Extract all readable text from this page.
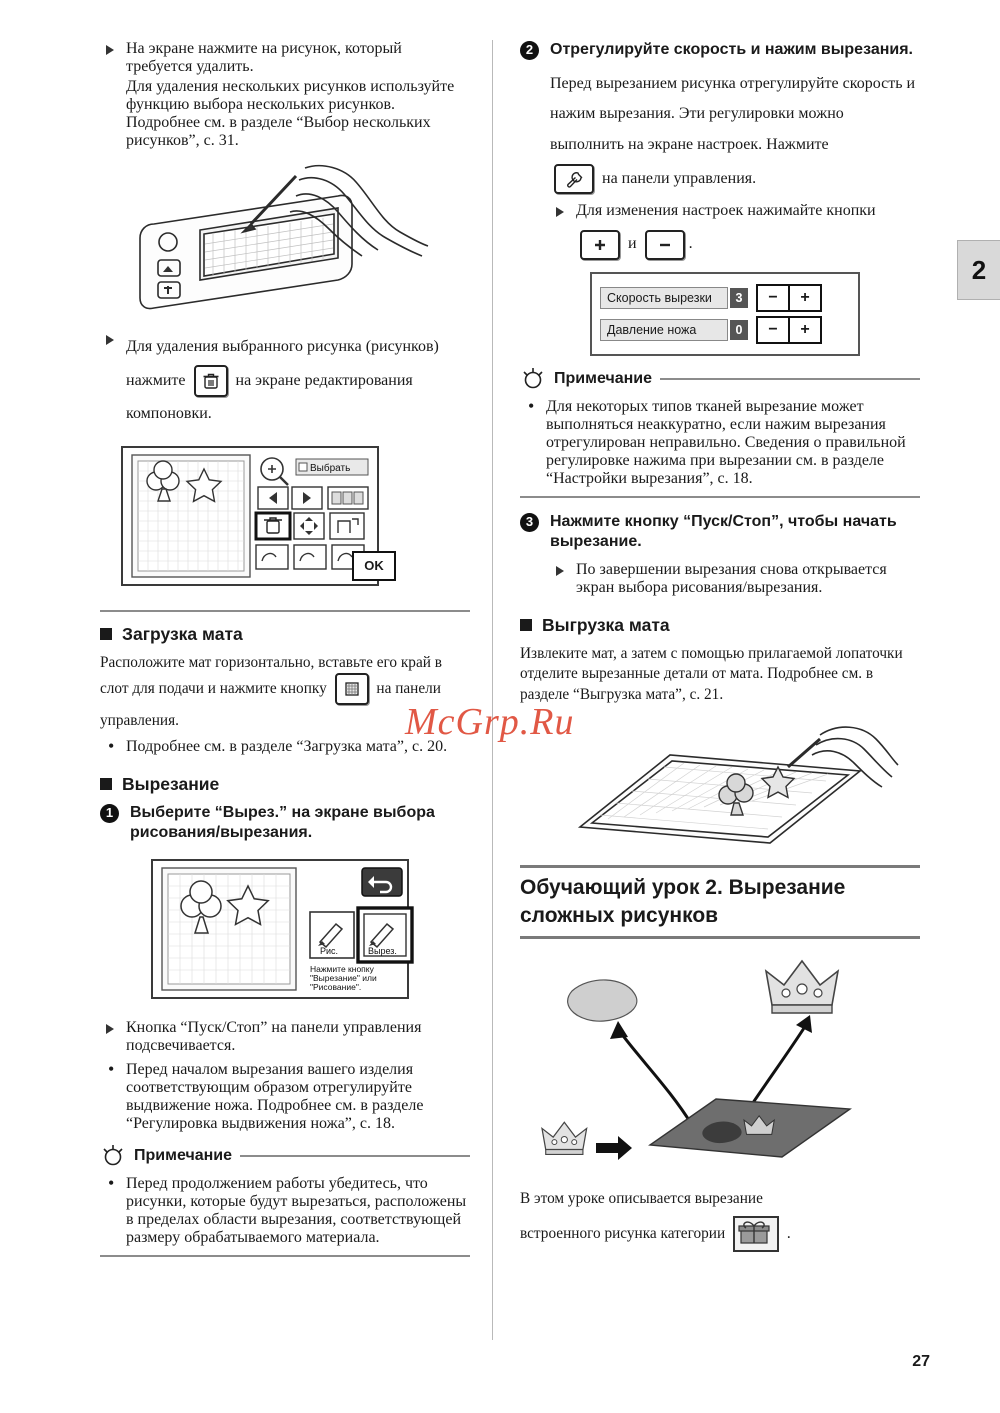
2
На экране нажмите на рисунок, который требуется удалить.
Для удаления нескольких рисунков используйте функцию выбора нескольких рисунков. Подробнее см. в разделе “Выбор нескольких рисунков”, с. 31.
Для удаления выбранного рисунка (рисунков) нажмите	на экране редактирования компоновки.
Выбрать
OK
Загрузка мата
Расположите мат горизонтально, вставьте его край в
слот для подачи и нажмите кнопку	на панели управления.
• Подробнее см. в разделе “Загрузка мата”, с. 20.
Вырезание
1	Выберите “Вырез.” на экране выбора рисования/вырезания.
Рис.	Вырез.
Нажмите кнопку
"Вырезание" или
"Рисование".
Кнопка “Пуск/Стоп” на панели управления подсвечивается.
• Перед началом вырезания вашего изделия соответствующим образом отрегулируйте выдвижение ножа. Подробнее см. в разделе “Регулировка выдвижения ножа”, с. 18.
Примечание
• Перед продолжением работы убедитесь, что рисунки, которые будут вырезаться, расположены в пределах области вырезания, соответствующей размеру обрабатываемого материала.
2	Отрегулируйте скорость и нажим вырезания.
Перед вырезанием рисунка отрегулируйте скорость и нажим вырезания. Эти регулировки можно выполнить на экране настроек. Нажмите
на панели управления.
Для изменения настроек нажимайте кнопки
и	.
Скорость вырезки	3	−	+
Давление ножа	0	−	+
Примечание
• Для некоторых типов тканей вырезание может выполняться неаккуратно, если нажим вырезания отрегулирован неправильно. Сведения о правильной регулировке нажима при вырезании см. в разделе “Настройки вырезания”, с. 18.
3	Нажмите кнопку “Пуск/Стоп”, чтобы начать вырезание.
По завершении вырезания снова открывается экран выбора рисования/вырезания.
Выгрузка мата
Извлеките мат, а затем с помощью прилагаемой лопаточки отделите вырезанные детали от мата. Подробнее см. в разделе “Выгрузка мата”, с. 21.
Обучающий урок 2. Вырезание сложных рисунков
В этом уроке описывается вырезание
встроенного рисунка категории	.
McGrp.Ru
27
